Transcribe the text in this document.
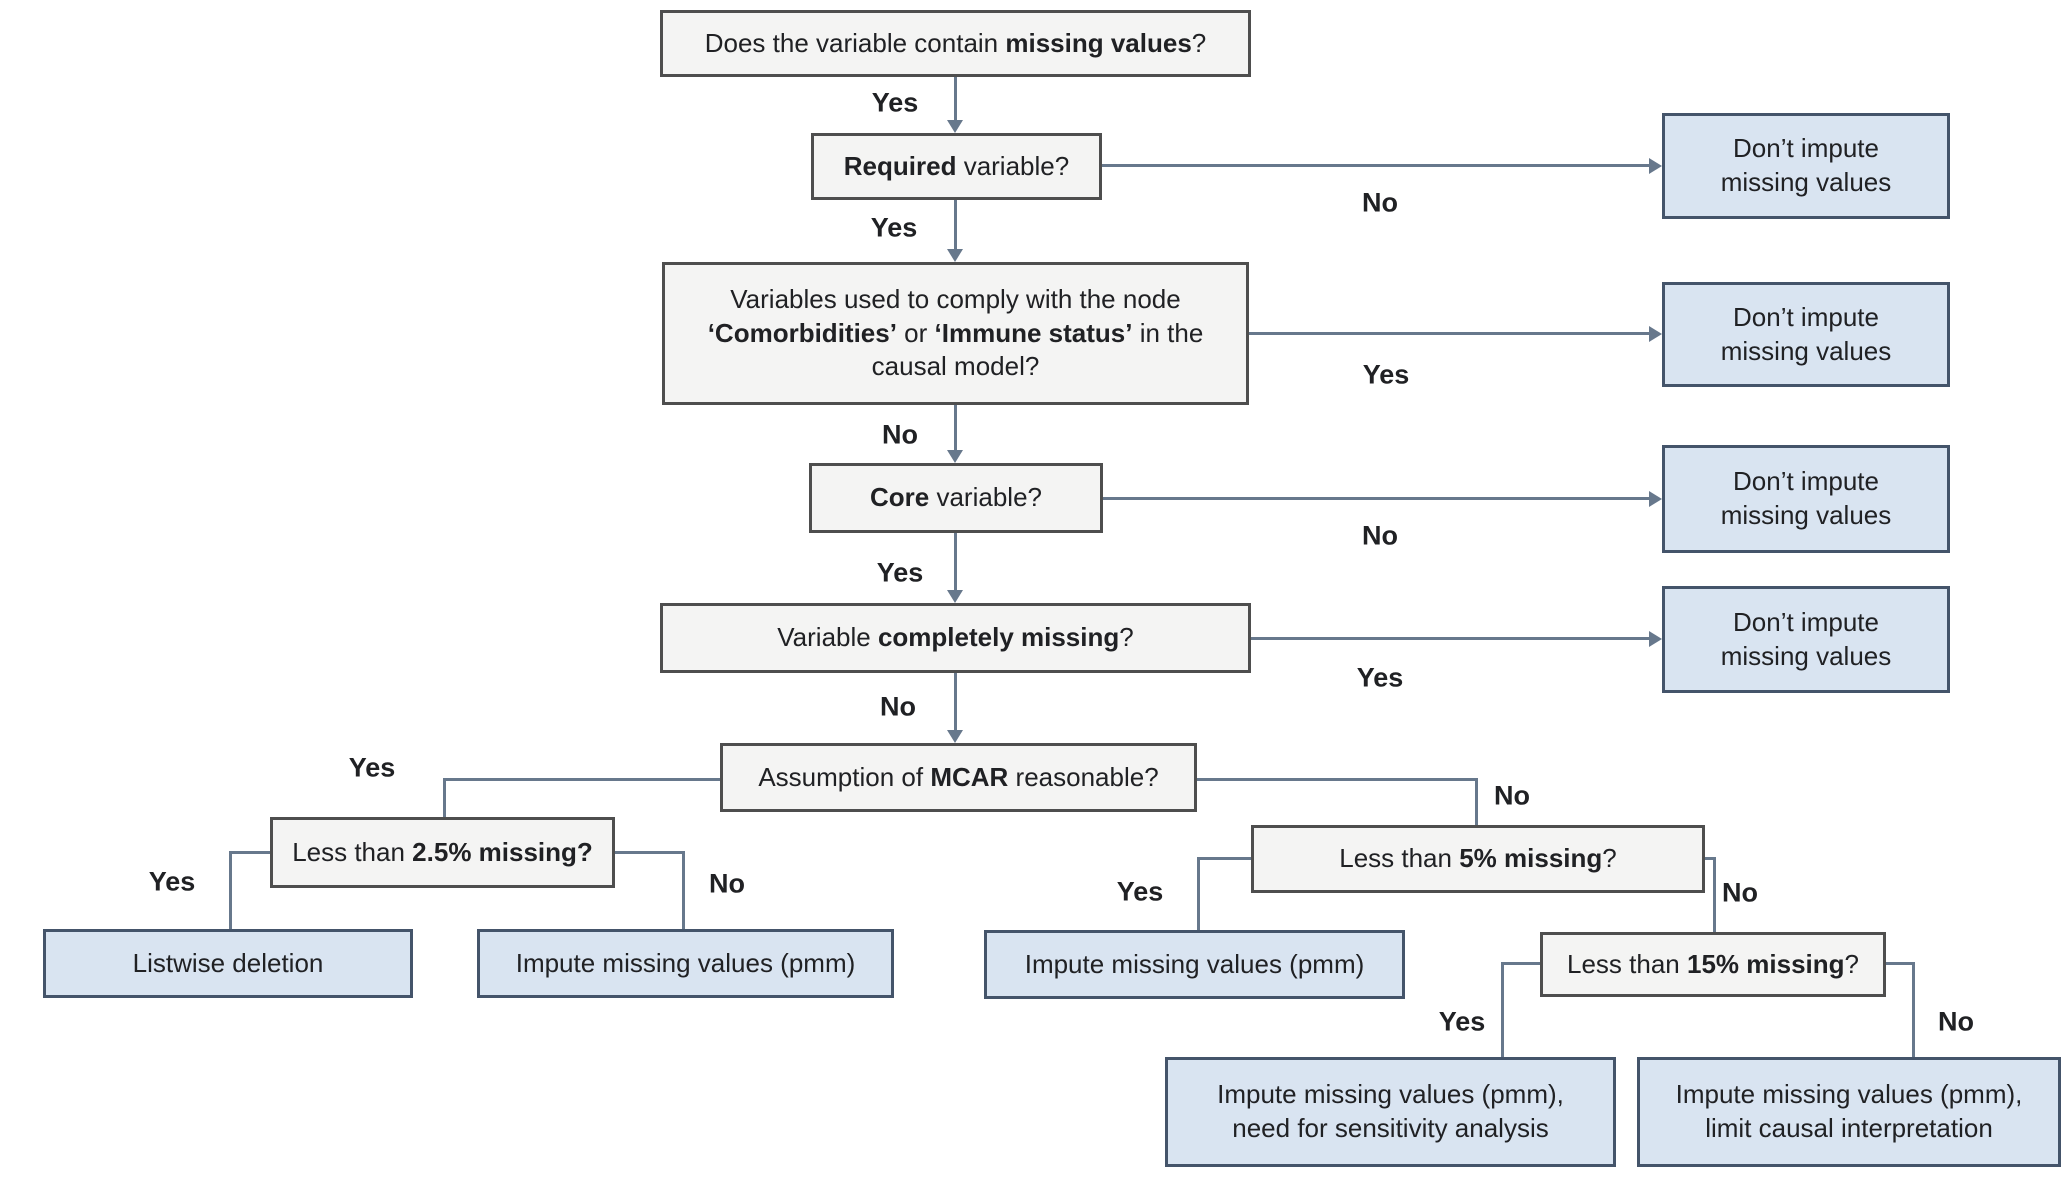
Does the variable contain missing values?

Required variable?

Variables used to comply with the node ‘Comorbidities’ or ‘Immune status’ in the causal model?

Core variable?

Variable completely missing?

Assumption of MCAR reasonable?

Less than 2.5% missing?	Less than 5% missing?

Less than 15% missing?

Don’t impute
missing values

Don’t impute
missing values

Don’t impute
missing values

Don’t impute
missing values

Listwise deletion	Impute missing values (pmm)	Impute missing values (pmm)

Impute missing values (pmm),
need for sensitivity analysis

Impute missing values (pmm),
limit causal interpretation

Yes
Yes
No
No
Yes
Yes
No
No
Yes
Yes
No
Yes	No	Yes	No
Yes	No
